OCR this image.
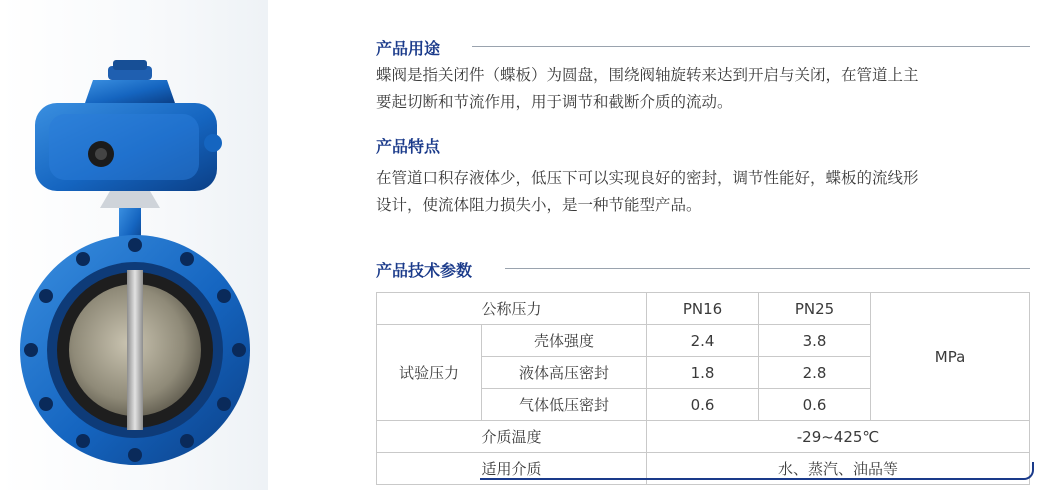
产品用途

蝶阀是指关闭件（蝶板）为圆盘，围绕阀轴旋转来达到开启与关闭，在管道上主
要起切断和节流作用，用于调节和截断介质的流动。

产品特点

在管道口积存液体少，低压下可以实现良好的密封，调节性能好，蝶板的流线形
设计，使流体阻力损失小，是一种节能型产品。

产品技术参数
公称压力		PN16	PN25	MPa
试验压力	壳体强度	2.4	3.8	
	液体高压密封	1.8	2.8	
	气体低压密封	0.6	0.6	
介质温度		-29~425℃		
适用介质		水、蒸汽、油品等		
